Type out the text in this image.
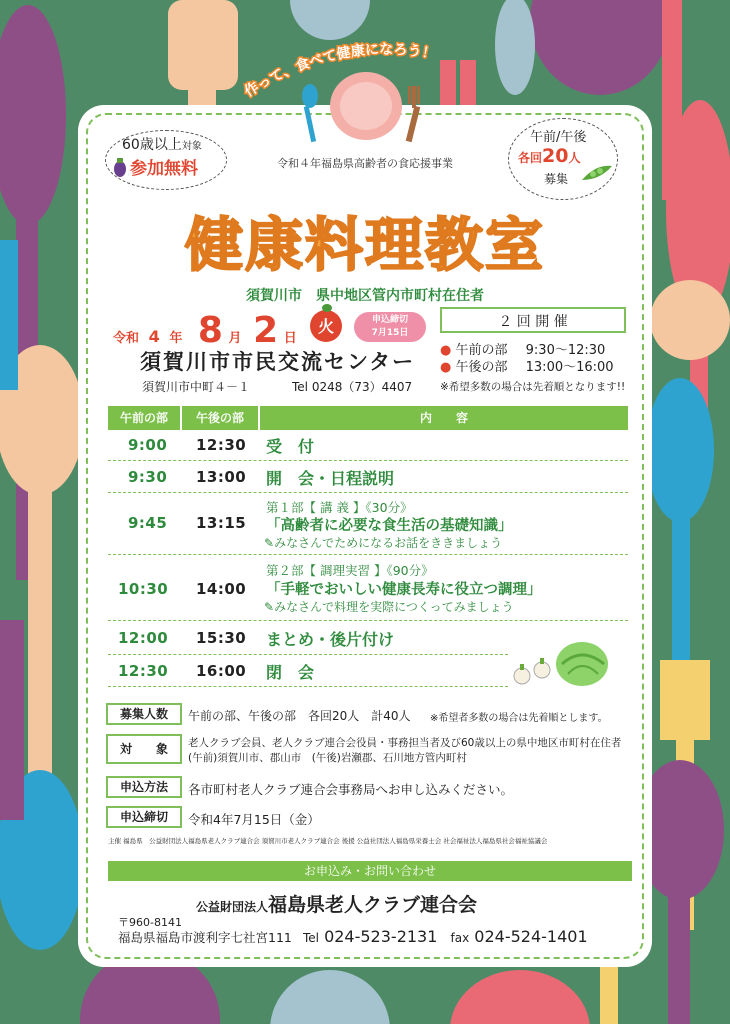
作って、食べて健康になろう！
60歳以上対象
参加無料
午前/午後
各回20人
募集
令和４年福島県高齢者の食応援事業
健康料理教室
須賀川市　県中地区管内市町村在住者
令和 4 年 8 月 2 日
火	申込締切
7月15日
須賀川市市民交流センター
須賀川市中町４－１	Tel 0248（73）4407
２ 回 開 催
● 午前の部 9:30～12:30
● 午後の部 13:00～16:00
※希望多数の場合は先着順となります!!
午前の部	午後の部	内　　容
9:00 12:30 受　付
9:30 13:00 開　会・日程説明
9:45 13:15
第１部【 講 義 】《30分》
「高齢者に必要な食生活の基礎知識」
✎みなさんでためになるお話をききましょう
10:30 14:00
第２部【 調理実習 】《90分》
「手軽でおいしい健康長寿に役立つ調理」
✎みなさんで料理を実際につくってみましょう
12:00 15:30 まとめ・後片付け
12:30 16:00 閉　会
募集人数	午前の部、午後の部　各回20人　計40人 ※希望者多数の場合は先着順とします。
対　　象	老人クラブ会員、老人クラブ連合会役員・事務担当者及び60歳以上の県中地区市町村在住者
(午前)須賀川市、郡山市　(午後)岩瀬郡、石川地方管内町村
申込方法	各市町村老人クラブ連合会事務局へお申し込みください。
申込締切	令和4年7月15日（金）
主催 福島県　公益財団法人福島県老人クラブ連合会 須賀川市老人クラブ連合会 後援 公益社団法人福島県栄養士会 社会福祉法人福島県社会福祉協議会
お申込み・お問い合わせ
公益財団法人福島県老人クラブ連合会
〒960-8141
福島県福島市渡利字七社宮111 Tel 024-523-2131 fax 024-524-1401
